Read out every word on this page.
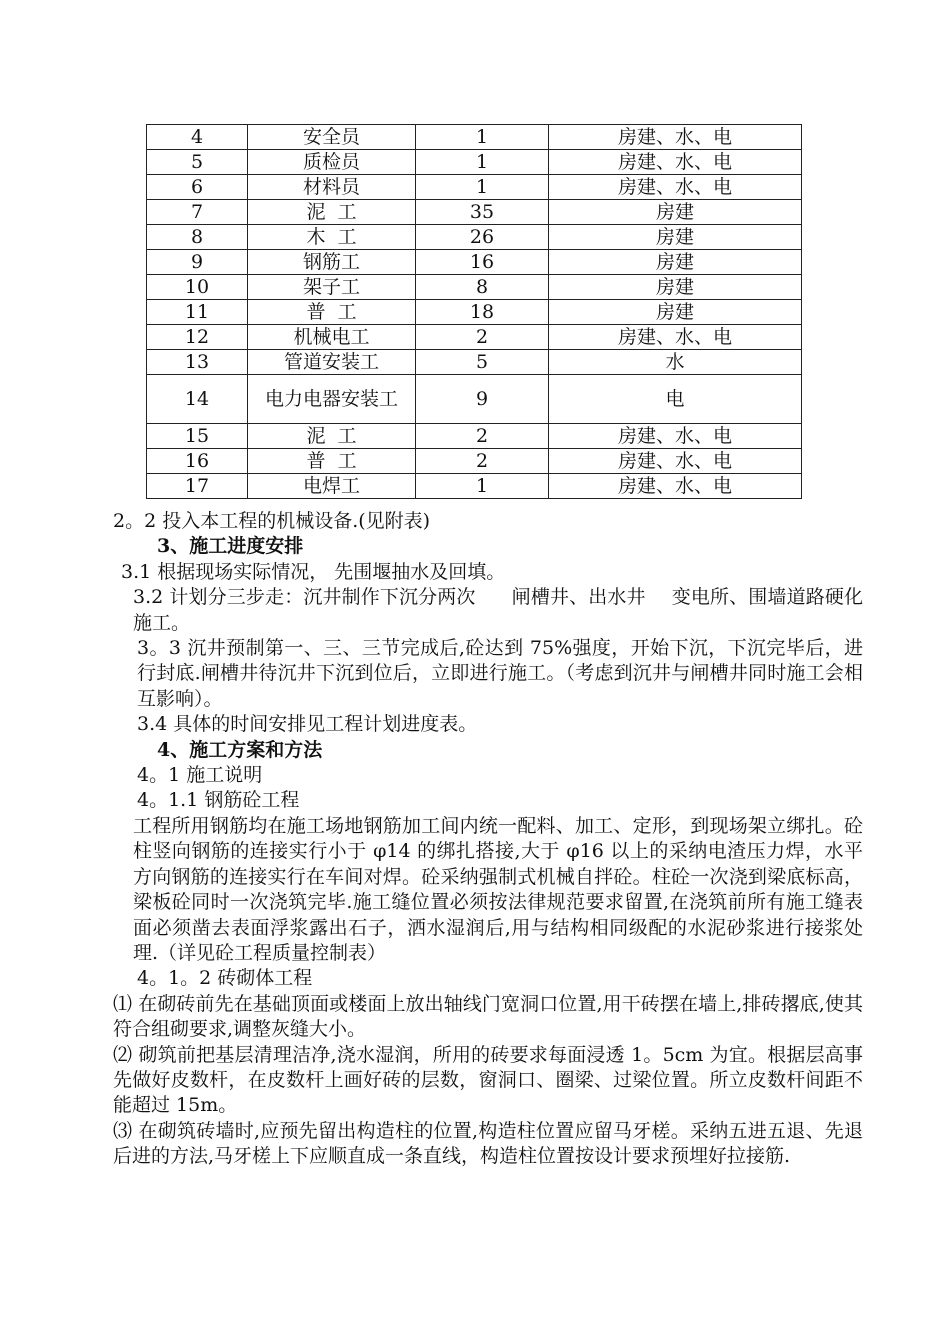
4	安全员	1	房建、水、电
5	质检员	1	房建、水、电
6	材料员	1	房建、水、电
7	泥  工	35	房建
8	木  工	26	房建
9	钢筋工	16	房建
10	架子工	8	房建
11	普  工	18	房建
12	机械电工	2	房建、水、电
13	管道安装工	5	水
14	电力电器安装工	9	电
15	泥  工	2	房建、水、电
16	普  工	2	房建、水、电
17	电焊工	1	房建、水、电

2。2 投入本工程的机械设备.(见附表)

3、施工进度安排

3.1 根据现场实际情况， 先围堰抽水及回填。

3.2 计划分三步走：沉井制作下沉分两次 闸槽井、出水井 变电所、围墙道路硬化施工。

3。3 沉井预制第一、三、三节完成后,砼达到 75%强度，开始下沉，下沉完毕后，进行封底.闸槽井待沉井下沉到位后，立即进行施工。（考虑到沉井与闸槽井同时施工会相互影响）。

3.4 具体的时间安排见工程计划进度表。

4、施工方案和方法

4。1 施工说明

4。1.1 钢筋砼工程

工程所用钢筋均在施工场地钢筋加工间内统一配料、加工、定形，到现场架立绑扎。砼柱竖向钢筋的连接实行小于 φ14 的绑扎搭接,大于 φ16 以上的采纳电渣压力焊，水平方向钢筋的连接实行在车间对焊。砼采纳强制式机械自拌砼。柱砼一次浇到梁底标高，梁板砼同时一次浇筑完毕.施工缝位置必须按法律规范要求留置,在浇筑前所有施工缝表面必须凿去表面浮浆露出石子，洒水湿润后,用与结构相同级配的水泥砂浆进行接浆处理.（详见砼工程质量控制表）

4。1。2 砖砌体工程

⑴ 在砌砖前先在基础顶面或楼面上放出轴线门宽洞口位置,用干砖摆在墙上,排砖撂底,使其符合组砌要求,调整灰缝大小。

⑵ 砌筑前把基层清理洁净,浇水湿润，所用的砖要求每面浸透 1。5cm 为宜。根据层高事先做好皮数杆，在皮数杆上画好砖的层数，窗洞口、圈梁、过梁位置。所立皮数杆间距不能超过 15m。

⑶ 在砌筑砖墙时,应预先留出构造柱的位置,构造柱位置应留马牙槎。采纳五进五退、先退后进的方法,马牙槎上下应顺直成一条直线，构造柱位置按设计要求预埋好拉接筋.
